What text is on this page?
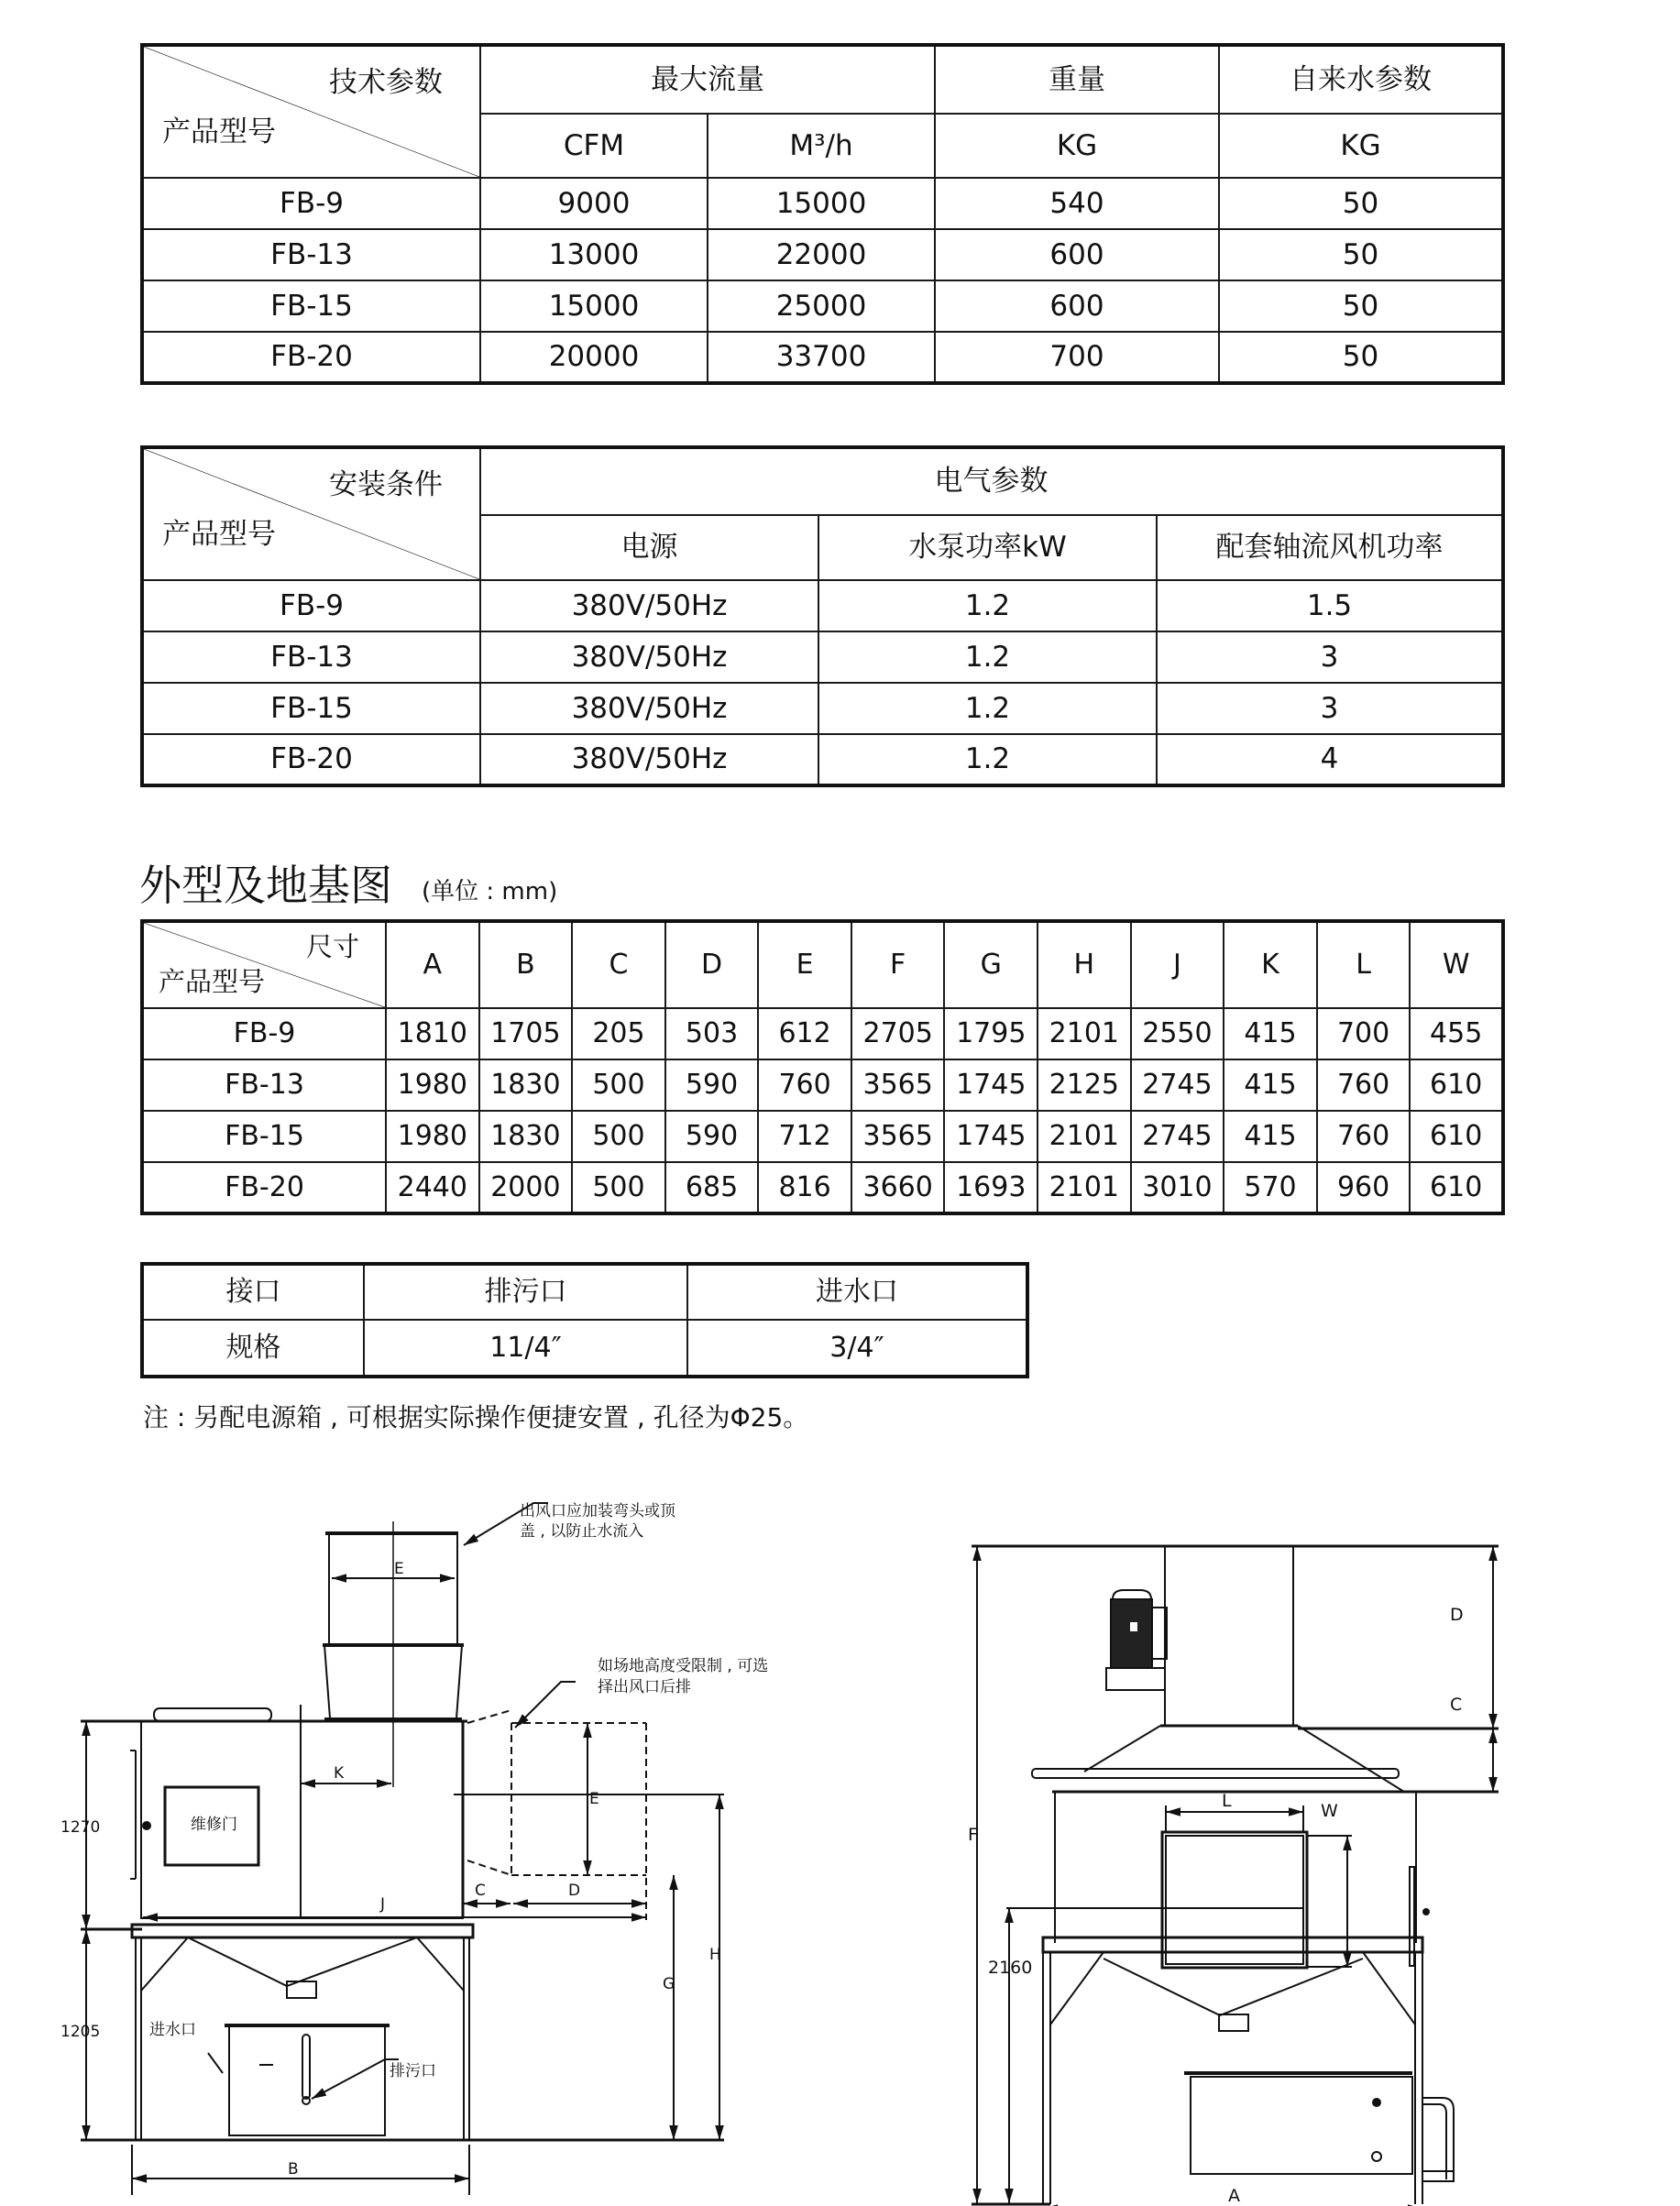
技术参数
产品型号	最大流量		重量	自来水参数
	CFM	M³/h	KG	KG
FB-9	9000	15000	540	50
FB-13	13000	22000	600	50
FB-15	15000	25000	600	50
FB-20	20000	33700	700	50
安装条件
产品型号	电气参数		
	电源	水泵功率kW	配套轴流风机功率
FB-9	380V/50Hz	1.2	1.5
FB-13	380V/50Hz	1.2	3
FB-15	380V/50Hz	1.2	3
FB-20	380V/50Hz	1.2	4
外型及地基图 (单位 : mm)
尺寸
产品型号	A	B	C	D	E	F	G	H	J	K	L	W
FB-9	1810	1705	205	503	612	2705	1795	2101	2550	415	700	455
FB-13	1980	1830	500	590	760	3565	1745	2125	2745	415	760	610
FB-15	1980	1830	500	590	712	3565	1745	2101	2745	415	760	610
FB-20	2440	2000	500	685	816	3660	1693	2101	3010	570	960	610
接口	排污口	进水口
规格	11/4″	3/4″
注 : 另配电源箱 , 可根据实际操作便捷安置 , 孔径为Φ25。
出风口应加装弯头或顶
盖 , 以防止水流入
如场地高度受限制 , 可选
择出风口后排
E
K
E
维修门
C	D
J
1270
1205	进水口
排污口
G
H
B
D
C
L	W
F
2160
A
